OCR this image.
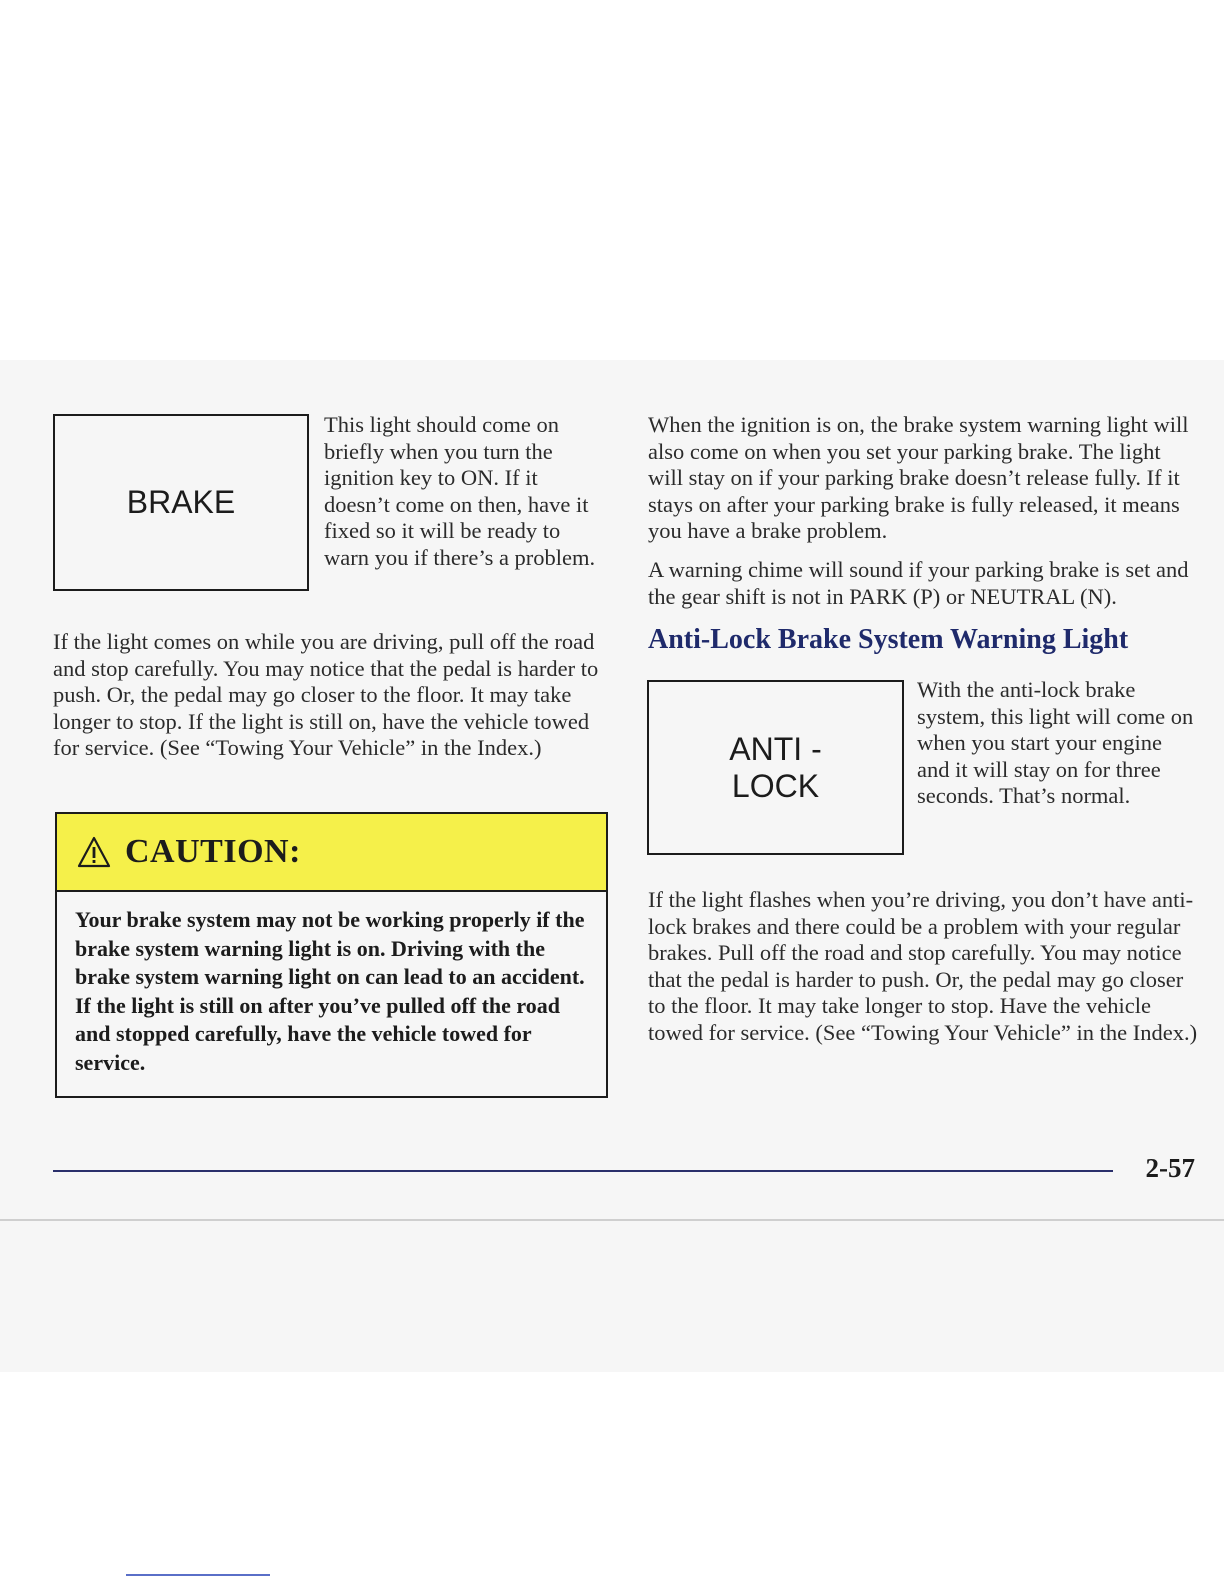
BRAKE

This light should come on briefly when you turn the ignition key to ON. If it doesn’t come on then, have it fixed so it will be ready to warn you if there’s a problem.

If the light comes on while you are driving, pull off the road and stop carefully. You may notice that the pedal is harder to push. Or, the pedal may go closer to the floor. It may take longer to stop. If the light is still on, have the vehicle towed for service. (See “Towing Your Vehicle” in the Index.)

CAUTION:

Your brake system may not be working properly if the brake system warning light is on. Driving with the brake system warning light on can lead to an accident. If the light is still on after you’ve pulled off the road and stopped carefully, have the vehicle towed for service.

When the ignition is on, the brake system warning light will also come on when you set your parking brake. The light will stay on if your parking brake doesn’t release fully. If it stays on after your parking brake is fully released, it means you have a brake problem.

A warning chime will sound if your parking brake is set and the gear shift is not in PARK (P) or NEUTRAL (N).

Anti-Lock Brake System Warning Light
ANTI -
LOCK

With the anti-lock brake system, this light will come on when you start your engine and it will stay on for three seconds. That’s normal.

If the light flashes when you’re driving, you don’t have anti-lock brakes and there could be a problem with your regular brakes. Pull off the road and stop carefully. You may notice that the pedal is harder to push. Or, the pedal may go closer to the floor. It may take longer to stop. Have the vehicle towed for service. (See “Towing Your Vehicle” in the Index.)

2-57
